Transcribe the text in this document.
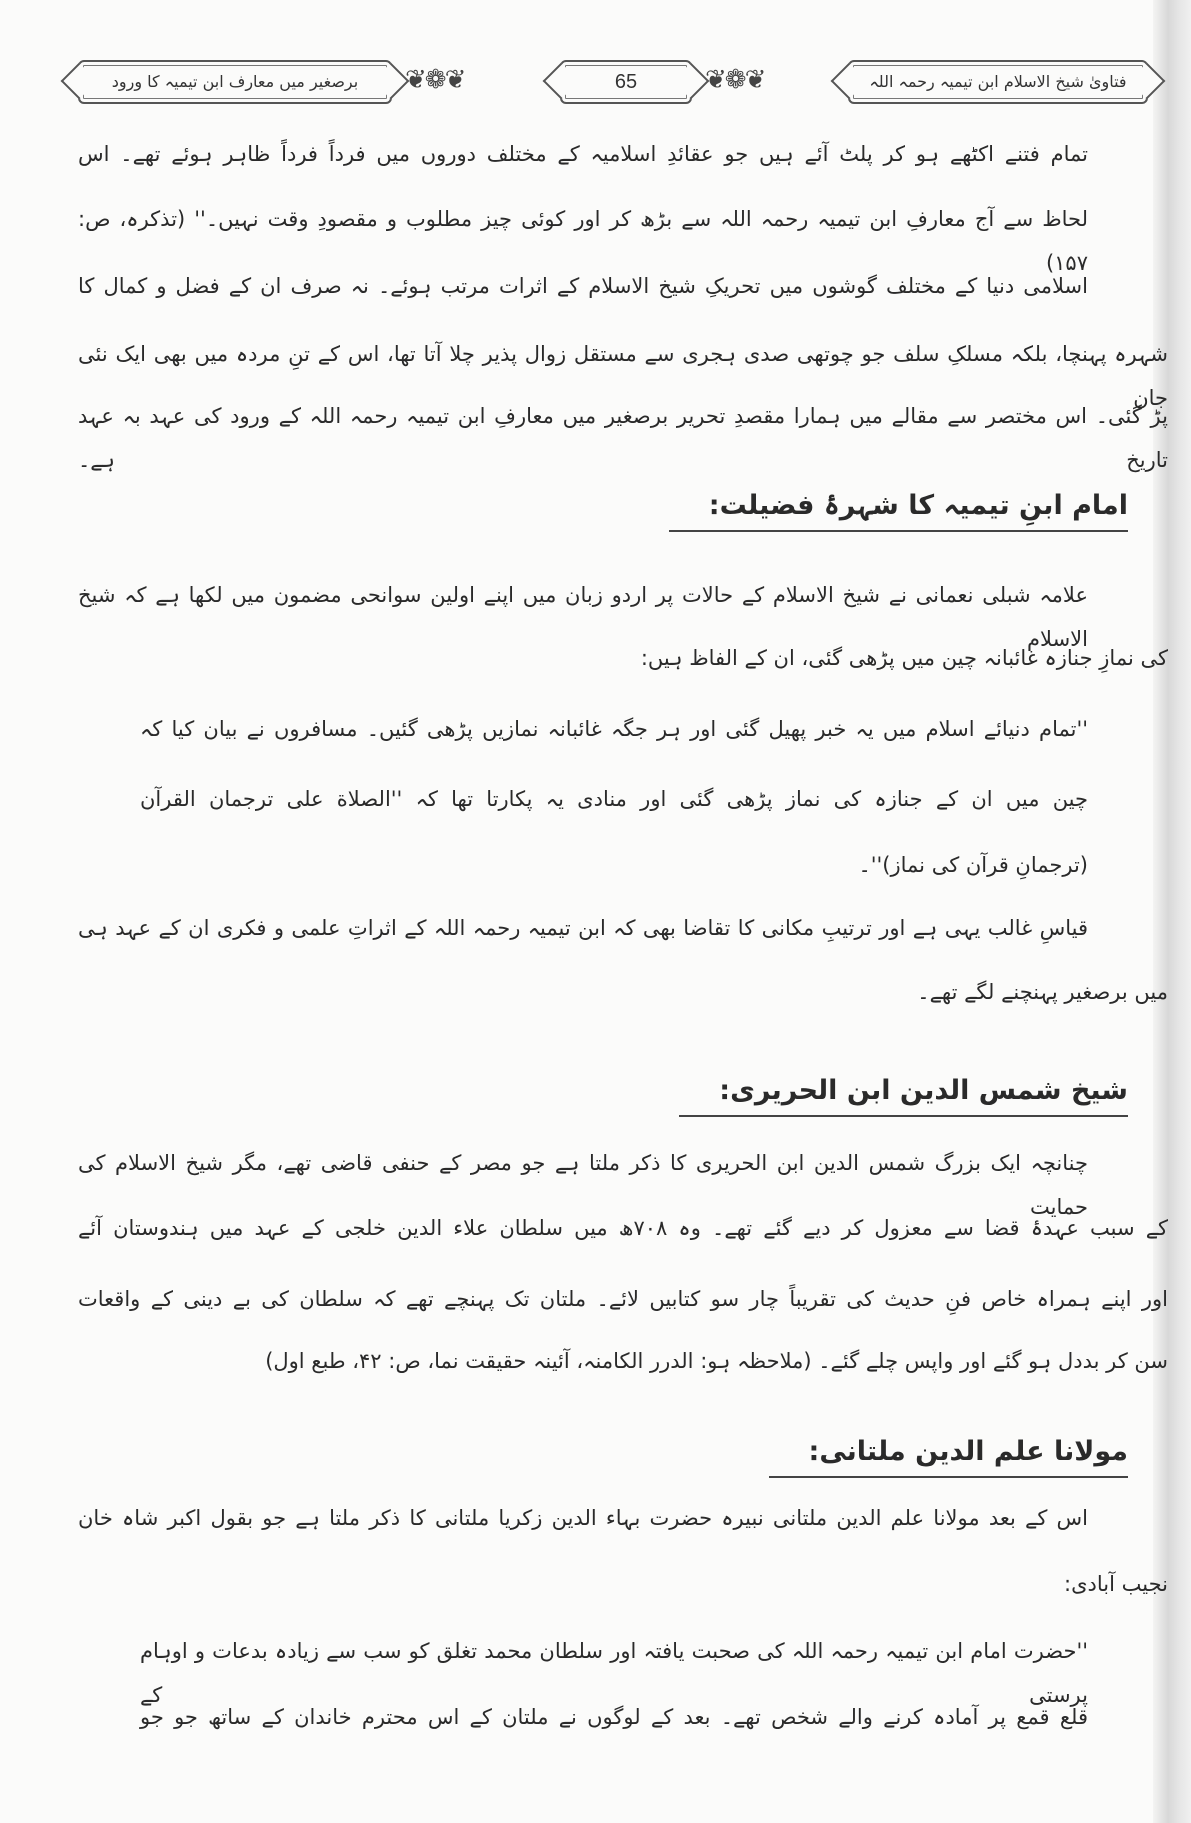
برصغیر میں معارف ابن تیمیہ کا ورود	❦❁❦	65	❦❁❦	فتاویٰ شیخ الاسلام ابن تیمیہ رحمہ اللہ
تمام فتنے اکٹھے ہو کر پلٹ آئے ہیں جو عقائدِ اسلامیہ کے مختلف دوروں میں فرداً فرداً ظاہر ہوئے تھے۔ اس
لحاظ سے آج معارفِ ابن تیمیہ رحمہ اللہ سے بڑھ کر اور کوئی چیز مطلوب و مقصودِ وقت نہیں۔'' (تذکرہ، ص: ۱۵۷)
اسلامی دنیا کے مختلف گوشوں میں تحریکِ شیخ الاسلام کے اثرات مرتب ہوئے۔ نہ صرف ان کے فضل و کمال کا
شہرہ پہنچا، بلکہ مسلکِ سلف جو چوتھی صدی ہجری سے مستقل زوال پذیر چلا آتا تھا، اس کے تنِ مردہ میں بھی ایک نئی جان
پڑ گئی۔ اس مختصر سے مقالے میں ہمارا مقصدِ تحریر برصغیر میں معارفِ ابن تیمیہ رحمہ اللہ کے ورود کی عہد بہ عہد تاریخ ہے۔
امام ابنِ تیمیہ کا شہرۂ فضیلت:
علامہ شبلی نعمانی نے شیخ الاسلام کے حالات پر اردو زبان میں اپنے اولین سوانحی مضمون میں لکھا ہے کہ شیخ الاسلام
کی نمازِ جنازہ غائبانہ چین میں پڑھی گئی، ان کے الفاظ ہیں:
''تمام دنیائے اسلام میں یہ خبر پھیل گئی اور ہر جگہ غائبانہ نمازیں پڑھی گئیں۔ مسافروں نے بیان کیا کہ
چین میں ان کے جنازہ کی نماز پڑھی گئی اور منادی یہ پکارتا تھا کہ ''الصلاة علی ترجمان القرآن
(ترجمانِ قرآن کی نماز)''۔
قیاسِ غالب یہی ہے اور ترتیبِ مکانی کا تقاضا بھی کہ ابن تیمیہ رحمہ اللہ کے اثراتِ علمی و فکری ان کے عہد ہی
میں برصغیر پہنچنے لگے تھے۔
شیخ شمس الدین ابن الحریری:
چنانچہ ایک بزرگ شمس الدین ابن الحریری کا ذکر ملتا ہے جو مصر کے حنفی قاضی تھے، مگر شیخ الاسلام کی حمایت
کے سبب عہدۂ قضا سے معزول کر دیے گئے تھے۔ وہ ۷۰۸ھ میں سلطان علاء الدین خلجی کے عہد میں ہندوستان آئے
اور اپنے ہمراہ خاص فنِ حدیث کی تقریباً چار سو کتابیں لائے۔ ملتان تک پہنچے تھے کہ سلطان کی بے دینی کے واقعات
سن کر بددل ہو گئے اور واپس چلے گئے۔ (ملاحظہ ہو: الدرر الکامنہ، آئینہ حقیقت نما، ص: ۴۲، طبع اول)
مولانا علم الدین ملتانی:
اس کے بعد مولانا علم الدین ملتانی نبیرہ حضرت بہاء الدین زکریا ملتانی کا ذکر ملتا ہے جو بقول اکبر شاہ خان
نجیب آبادی:
''حضرت امام ابن تیمیہ رحمہ اللہ کی صحبت یافتہ اور سلطان محمد تغلق کو سب سے زیادہ بدعات و اوہام پرستی کے
قلع قمع پر آمادہ کرنے والے شخص تھے۔ بعد کے لوگوں نے ملتان کے اس محترم خاندان کے ساتھ جو جو
